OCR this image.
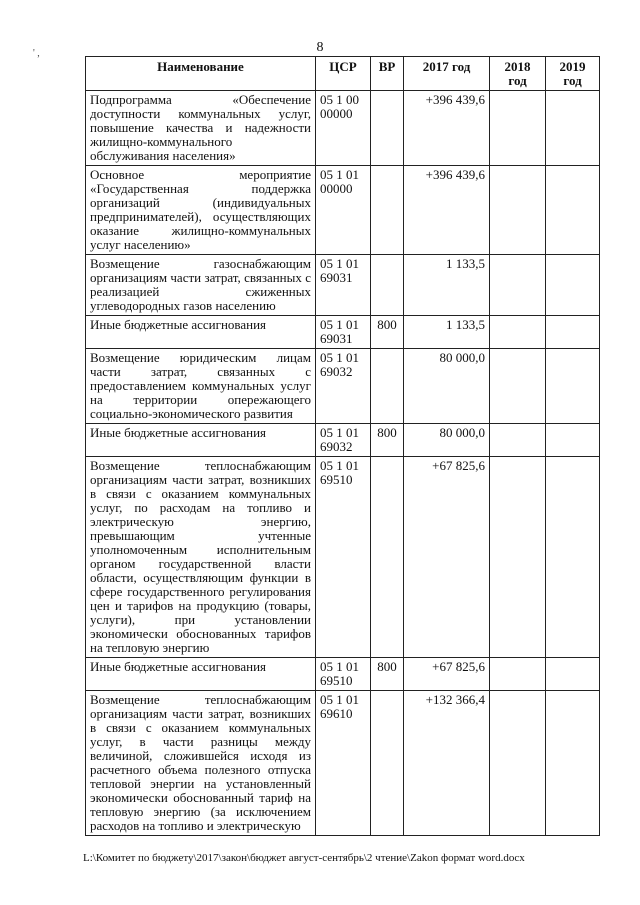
8
' ,
Наименование	ЦСР	ВР	2017 год	2018 год	2019 год
Подпрограмма «Обеспечение доступности коммунальных услуг, повышение качества и надежности жилищно-коммунального обслуживания населения»	05 1 00 00000		+396 439,6		
Основное мероприятие «Государственная поддержка организаций (индивидуальных предпринимателей), осуществляющих оказание жилищно-коммунальных услуг населению»	05 1 01 00000		+396 439,6		
Возмещение газоснабжающим организациям части затрат, связанных с реализацией сжиженных углеводородных газов населению	05 1 01 69031		1 133,5		
Иные бюджетные ассигнования	05 1 01 69031	800	1 133,5		
Возмещение юридическим лицам части затрат, связанных с предоставлением коммунальных услуг на территории опережающего социально-экономического развития	05 1 01 69032		80 000,0		
Иные бюджетные ассигнования	05 1 01 69032	800	80 000,0		
Возмещение теплоснабжающим организациям части затрат, возникших в связи с оказанием коммунальных услуг, по расходам на топливо и электрическую энергию, превышающим учтенные уполномоченным исполнительным органом государственной власти области, осуществляющим функции в сфере государственного регулирования цен и тарифов на продукцию (товары, услуги), при установлении экономически обоснованных тарифов на тепловую энергию	05 1 01 69510		+67 825,6		
Иные бюджетные ассигнования	05 1 01 69510	800	+67 825,6		
Возмещение теплоснабжающим организациям части затрат, возникших в связи с оказанием коммунальных услуг, в части разницы между величиной, сложившейся исходя из расчетного объема полезного отпуска тепловой энергии на установленный экономически обоснованный тариф на тепловую энергию (за исключением расходов на топливо и электрическую	05 1 01 69610		+132 366,4		
L:\Комитет по бюджету\2017\закон\бюджет август-сентябрь\2 чтение\Zakon формат word.docx
